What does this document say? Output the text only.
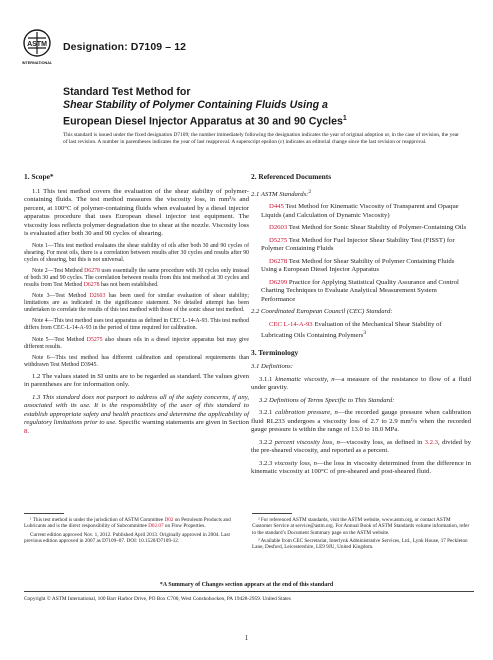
ASTM
INTERNATIONAL
Designation: D7109 – 12
Standard Test Method for
Shear Stability of Polymer Containing Fluids Using a
European Diesel Injector Apparatus at 30 and 90 Cycles$^1$
This standard is issued under the fixed designation D7109; the number immediately following the designation indicates the year of original adoption or, in the case of revision, the year of last revision. A number in parentheses indicates the year of last reapproval. A superscript epsilon (ε) indicates an editorial change since the last revision or reapproval.
1. Scope*

1.1 This test method covers the evaluation of the shear stability of polymer-containing fluids. The test method measures the viscosity loss, in mm²/s and percent, at 100°C of polymer-containing fluids when evaluated by a diesel injector apparatus procedure that uses European diesel injector test equipment. The viscosity loss reflects polymer degradation due to shear at the nozzle. Viscosity loss is evaluated after both 30 and 90 cycles of shearing.

Note 1—This test method evaluates the shear stability of oils after both 30 and 90 cycles of shearing. For most oils, there is a correlation between results after 30 cycles and results after 90 cycles of shearing, but this is not universal.

Note 2—Test Method D6278 uses essentially the same procedure with 30 cycles only instead of both 30 and 90 cycles. The correlation between results from this test method at 30 cycles and results from Test Method D6278 has not been established.

Note 3—Test Method D2603 has been used for similar evaluation of shear stability; limitations are as indicated in the significance statement. No detailed attempt has been undertaken to correlate the results of this test method with those of the sonic shear test method.

Note 4—This test method uses test apparatus as defined in CEC L-14-A-93. This test method differs from CEC-L-14-A-93 in the period of time required for calibration.

Note 5—Test Method D5275 also shears oils in a diesel injector apparatus but may give different results.

Note 6—This test method has different calibration and operational requirements than withdrawn Test Method D3945.

1.2 The values stated in SI units are to be regarded as standard. The values given in parentheses are for information only.

1.3 This standard does not purport to address all of the safety concerns, if any, associated with its use. It is the responsibility of the user of this standard to establish appropriate safety and health practices and determine the applicability of regulatory limitations prior to use. Specific warning statements are given in Section 8.

2. Referenced Documents

2.1 ASTM Standards:$^2$

D445 Test Method for Kinematic Viscosity of Transparent and Opaque Liquids (and Calculation of Dynamic Viscosity)

D2603 Test Method for Sonic Shear Stability of Polymer-Containing Oils

D5275 Test Method for Fuel Injector Shear Stability Test (FISST) for Polymer Containing Fluids

D6278 Test Method for Shear Stability of Polymer Containing Fluids Using a European Diesel Injector Apparatus

D6299 Practice for Applying Statistical Quality Assurance and Control Charting Techniques to Evaluate Analytical Measurement System Performance

2.2 Coordinated European Council (CEC) Standard:

CEC L-14-A-93 Evaluation of the Mechanical Shear Stability of Lubricating Oils Containing Polymers$^3$

3. Terminology

3.1 Definitions:

3.1.1 kinematic viscosity, n—a measure of the resistance to flow of a fluid under gravity.

3.2 Definitions of Terms Specific to This Standard:

3.2.1 calibration pressure, n—the recorded gauge pressure when calibration fluid RL233 undergoes a viscosity loss of 2.7 to 2.9 mm²/s when the recorded gauge pressure is within the range of 13.0 to 18.0 MPa.

3.2.2 percent viscosity loss, n—viscosity loss, as defined in 3.2.3, divided by the pre-sheared viscosity, and reported as a percent.

3.2.3 viscosity loss, n—the loss in viscosity determined from the difference in kinematic viscosity at 100°C of pre-sheared and post-sheared fluid.

¹ This test method is under the jurisdiction of ASTM Committee D02 on Petroleum Products and Lubricants and is the direct responsibility of Subcommittee D02.07 on Flow Properties.

Current edition approved Nov. 1, 2012. Published April 2013. Originally approved in 2004. Last previous edition approved in 2007 as D7109–07. DOI: 10.1520/D7109-12.

² For referenced ASTM standards, visit the ASTM website, www.astm.org, or contact ASTM Customer Service at service@astm.org. For Annual Book of ASTM Standards volume information, refer to the standard’s Document Summary page on the ASTM website.

³ Available from CEC Secretariat, Interlynk Administrative Services, Ltd., Lynk House, 17 Peckleton Lane, Desford, Leicestershire, LE9 9JU, United Kingdom.

*A Summary of Changes section appears at the end of this standard
Copyright © ASTM International, 100 Barr Harbor Drive, PO Box C700, West Conshohocken, PA 19428-2959. United States
1
